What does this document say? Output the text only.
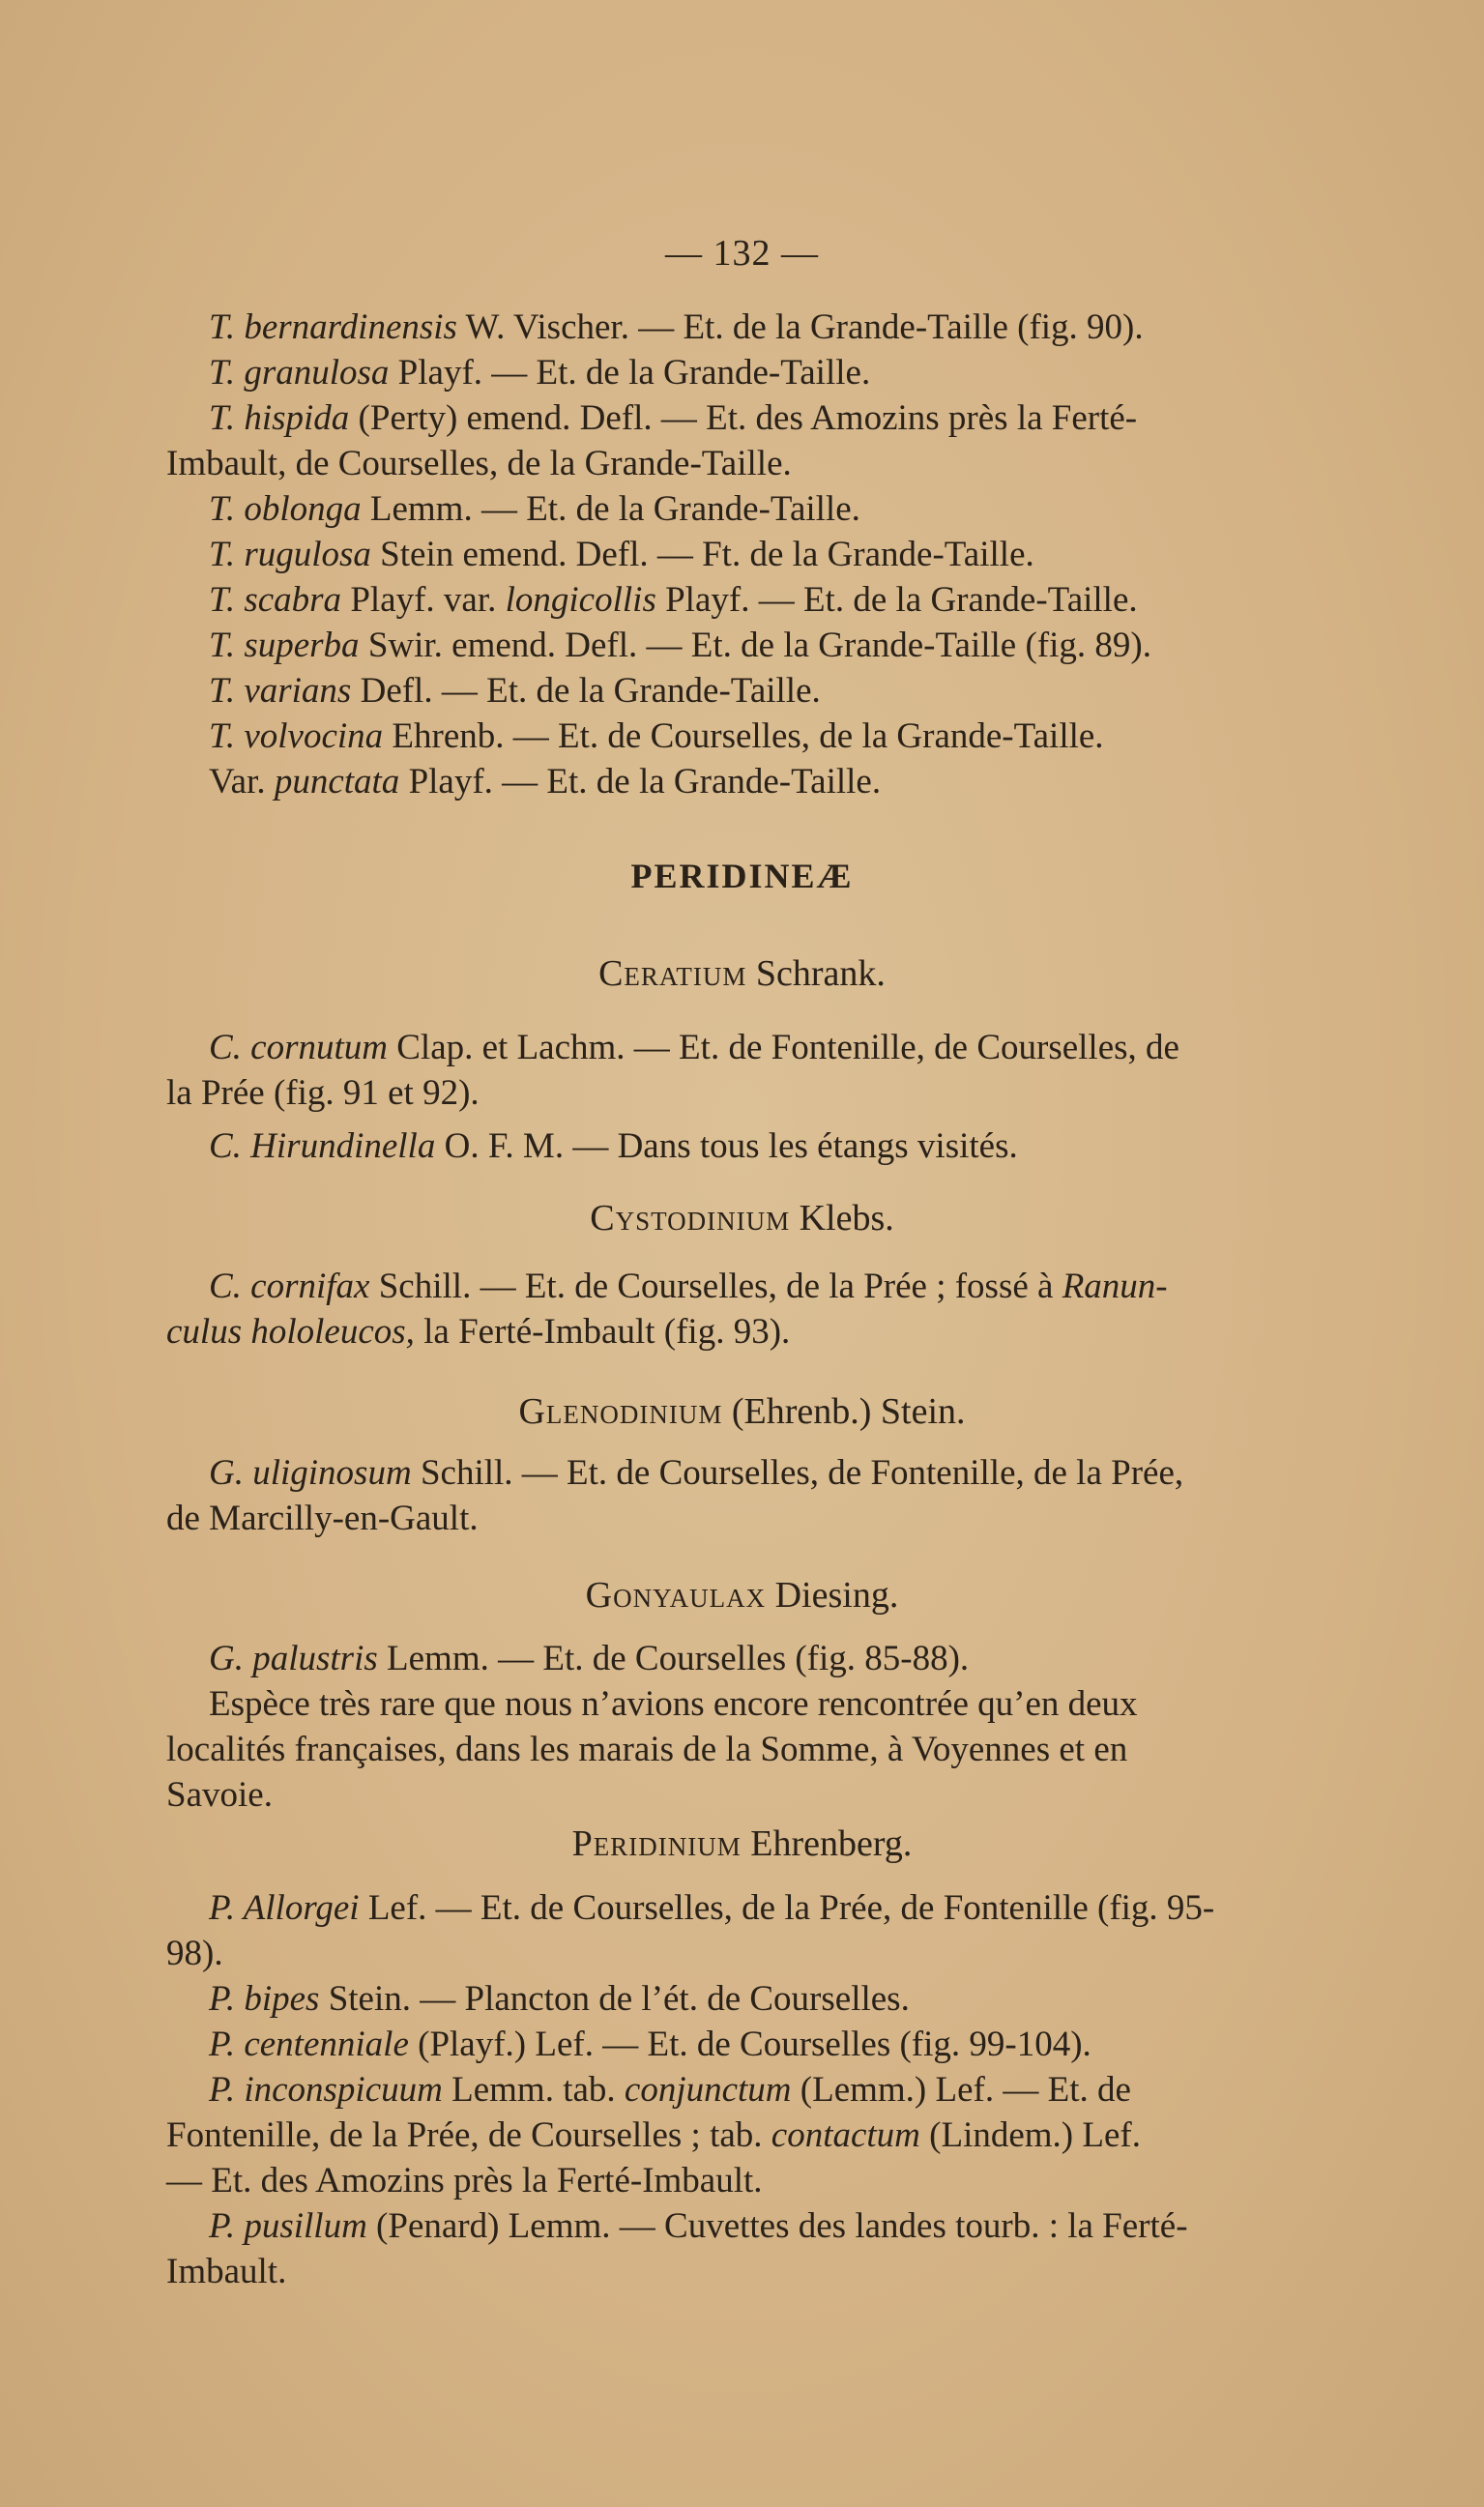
— 132 —
T. bernardinensis W. Vischer. — Et. de la Grande-Taille (fig. 90).
T. granulosa Playf. — Et. de la Grande-Taille.
T. hispida (Perty) emend. Defl. — Et. des Amozins près la Ferté-
Imbault, de Courselles, de la Grande-Taille.
T. oblonga Lemm. — Et. de la Grande-Taille.
T. rugulosa Stein emend. Defl. — Ft. de la Grande-Taille.
T. scabra Playf. var. longicollis Playf. — Et. de la Grande-Taille.
T. superba Swir. emend. Defl. — Et. de la Grande-Taille (fig. 89).
T. varians Defl. — Et. de la Grande-Taille.
T. volvocina Ehrenb. — Et. de Courselles, de la Grande-Taille.
Var. punctata Playf. — Et. de la Grande-Taille.
PERIDINEÆ
Ceratium Schrank.
C. cornutum Clap. et Lachm. — Et. de Fontenille, de Courselles, de
la Prée (fig. 91 et 92).
C. Hirundinella O. F. M. — Dans tous les étangs visités.
Cystodinium Klebs.
C. cornifax Schill. — Et. de Courselles, de la Prée ; fossé à Ranun-
culus hololeucos, la Ferté-Imbault (fig. 93).
Glenodinium (Ehrenb.) Stein.
G. uliginosum Schill. — Et. de Courselles, de Fontenille, de la Prée,
de Marcilly-en-Gault.
Gonyaulax Diesing.
G. palustris Lemm. — Et. de Courselles (fig. 85-88).
Espèce très rare que nous n’avions encore rencontrée qu’en deux
localités françaises, dans les marais de la Somme, à Voyennes et en
Savoie.
Peridinium Ehrenberg.
P. Allorgei Lef. — Et. de Courselles, de la Prée, de Fontenille (fig. 95-
98).
P. bipes Stein. — Plancton de l’ét. de Courselles.
P. centenniale (Playf.) Lef. — Et. de Courselles (fig. 99-104).
P. inconspicuum Lemm. tab. conjunctum (Lemm.) Lef. — Et. de
Fontenille, de la Prée, de Courselles ; tab. contactum (Lindem.) Lef.
— Et. des Amozins près la Ferté-Imbault.
P. pusillum (Penard) Lemm. — Cuvettes des landes tourb. : la Ferté-
Imbault.
